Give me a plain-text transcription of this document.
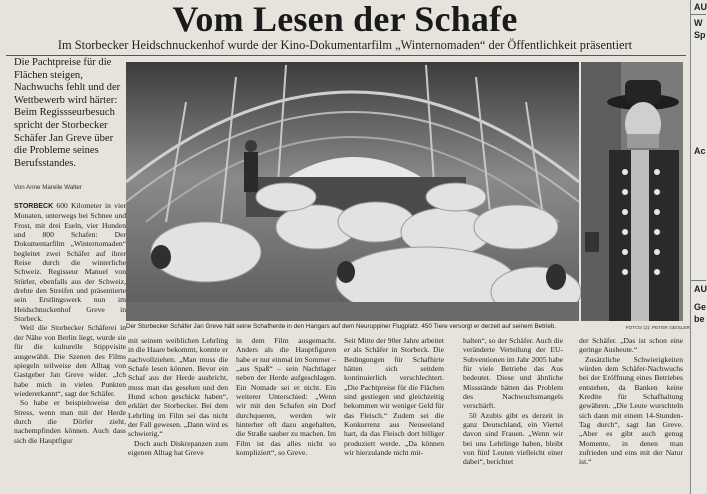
Vom Lesen der Schafe
Im Storbecker Heidschnuckenhof wurde der Kino-Dokumentarfilm „Winternomaden“ der Öffentlichkeit präsentiert
Die Pachtpreise für die Flächen steigen, Nachwuchs fehlt und der Wettbewerb wird härter: Beim Regissseurbesuch spricht der Storbecker Schäfer Jan Greve über die Probleme seines Berufsstandes.
Von Anne Mareile Walter
Der Storbecker Schäfer Jan Greve hält seine Schafherde in den Hangars auf dem Neuruppiner Flugplatz. 450 Tiere versorgt er derzeit auf seinem Betrieb.	FOTOS (2): PETER GEISLER

STORBECK 600 Kilometer in vier Monaten, unterwegs bei Schnee und Frost, mit drei Eseln, vier Hunden und 800 Schafen: Der Dokumentarfilm „Winternomaden“ begleitet zwei Schäfer auf ihrer Reise durch die winterliche Schweiz. Regisseur Manuel von Stürler, ebenfalls aus der Schweiz, drehte den Streifen und präsentierte sein Erstlingswerk nun im Heidschnuckenhof Greve in Storbeck.

Weil die Storbecker Schäferei in der Nähe von Berlin liegt, wurde sie für die kulturelle Stippvisite ausgewählt. Die Szenen des Films spiegeln teilweise den Alltag von Gastgeber Jan Greve wider. „Ich habe mich in vielen Punkten wiedererkannt“, sagt der Schäfer.

So habe er beispielsweise den Stress, wenn man mit der Herde durch die Dörfer zieht, nachempfinden können. Auch dass sich die Hauptfigur

mit seinem weiblichen Lehrling in die Haare bekommt, konnte er nachvollziehen. „Man muss die Schafe lesen können. Bevor ein Schaf aus der Herde ausbricht, muss man das gesehen und den Hund schon geschickt haben“, erklärt der Storbecker. Bei dem Lehrling im Film sei das nicht der Fall gewesen. „Dann wird es schwierig.“

Doch auch Diskrepanzen zum eigenen Alltag hat Greve

in dem Film ausgemacht. Anders als die Hauptfiguren habe er nur einmal im Sommer – „aus Spaß“ – sein Nachtlager neben der Herde aufgeschlagen. Ein Nomade sei er nicht. Ein weiterer Unterschied: „Wenn wir mit den Schafen ein Dorf durchqueren, werden wir hinterher oft dazu angehalten, die Straße sauber zu machen. Im Film ist das alles nicht so kompliziert“, so Greve.

Seit Mitte der 90er Jahre arbeitet er als Schäfer in Storbeck. Die Bedingungen für Schafhirte hätten sich seitdem kontinuierlich verschlechtert. „Die Pachtpreise für die Flächen sind gestiegen und gleichzeitig bekommen wir weniger Geld für das Fleisch.“ Zudem sei die Konkurrenz aus Neuseeland hart, da das Fleisch dort billiger produziert werde. „Da können wir hierzulande nicht mit-

halten“, so der Schäfer. Auch die veränderte Verteilung der EU-Subventionen im Jahr 2005 habe für viele Betriebe das Aus bedeutet. Diese und ähnliche Missstände hätten das Problem des Nachwuchsmangels verschärft.

50 Azubis gibt es derzeit in ganz Deutschland, ein Viertel davon sind Frauen. „Wenn wir bei uns Lehrlinge haben, bleibt von fünf Leuten vielleicht einer dabei“, berichtet

der Schäfer. „Das ist schon eine geringe Ausbeute.“

Zusätzliche Schwierigkeiten würden dem Schäfer-Nachwuchs bei der Eröffnung eines Betriebes entstehen, da Banken keine Kredite für Schafhaltung gewähren. „Die Leute wurschteln sich dann mit einem 14-Stunden-Tag durch“, sagt Jan Greve. „Aber es gibt auch genug Momente, in denen man zufrieden und eins mit der Natur ist.“

AU
W
Sp
Ac
AU
Ge
be
